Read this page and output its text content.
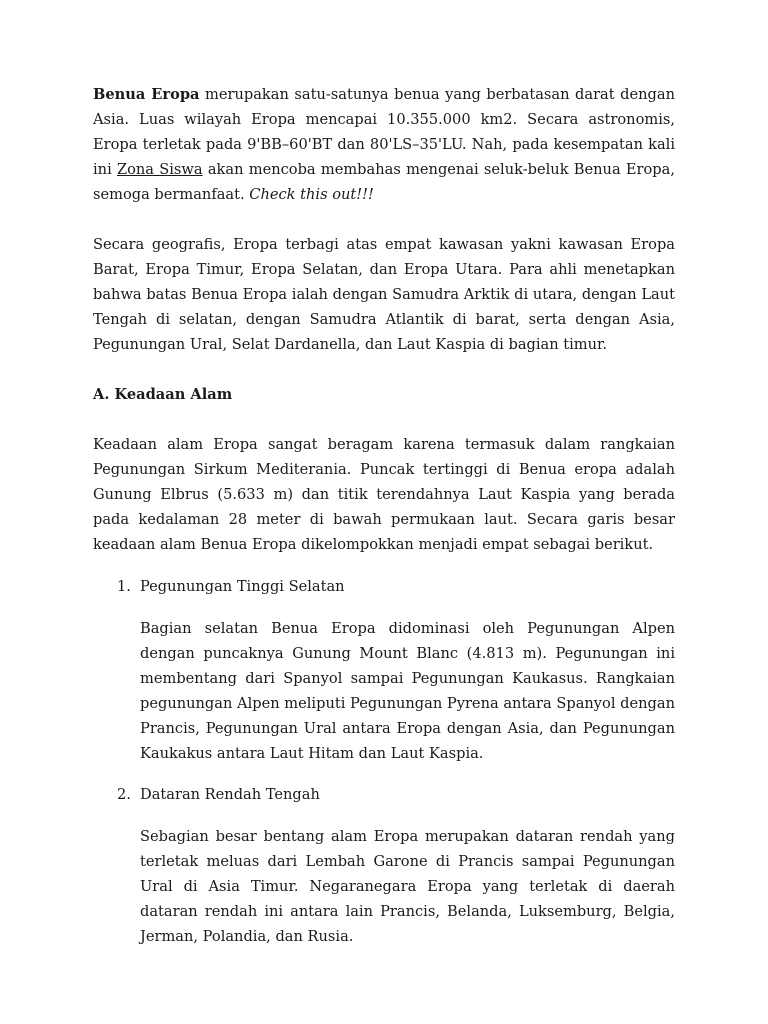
Benua Eropa merupakan satu-satunya benua yang berbatasan darat dengan Asia. Luas wilayah Eropa mencapai 10.355.000 km2. Secara astronomis, Eropa terletak pada 9'BB–60'BT dan 80'LS–35'LU. Nah, pada kesempatan kali ini Zona Siswa akan mencoba membahas mengenai seluk-beluk Benua Eropa, semoga bermanfaat. Check this out!!!

Secara geografis, Eropa terbagi atas empat kawasan yakni kawasan Eropa Barat, Eropa Timur, Eropa Selatan, dan Eropa Utara. Para ahli menetapkan bahwa batas Benua Eropa ialah dengan Samudra Arktik di utara, dengan Laut Tengah di selatan, dengan Samudra Atlantik di barat, serta dengan Asia, Pegunungan Ural, Selat Dardanella, dan Laut Kaspia di bagian timur.

A. Keadaan Alam

Keadaan alam Eropa sangat beragam karena termasuk dalam rangkaian Pegunungan Sirkum Mediterania. Puncak tertinggi di Benua eropa adalah Gunung Elbrus (5.633 m) dan titik terendahnya Laut Kaspia yang berada pada kedalaman 28 meter di bawah permukaan laut. Secara garis besar keadaan alam Benua Eropa dikelompokkan menjadi empat sebagai berikut.

1. Pegunungan Tinggi Selatan

Bagian selatan Benua Eropa didominasi oleh Pegunungan Alpen dengan puncaknya Gunung Mount Blanc (4.813 m). Pegunungan ini membentang dari Spanyol sampai Pegunungan Kaukasus. Rangkaian pegunungan Alpen meliputi Pegunungan Pyrena antara Spanyol dengan Prancis, Pegunungan Ural antara Eropa dengan Asia, dan Pegunungan Kaukakus antara Laut Hitam dan Laut Kaspia.

2. Dataran Rendah Tengah

Sebagian besar bentang alam Eropa merupakan dataran rendah yang terletak meluas dari Lembah Garone di Prancis sampai Pegunungan Ural di Asia Timur. Negaranegara Eropa yang terletak di daerah dataran rendah ini antara lain Prancis, Belanda, Luksemburg, Belgia, Jerman, Polandia, dan Rusia.
